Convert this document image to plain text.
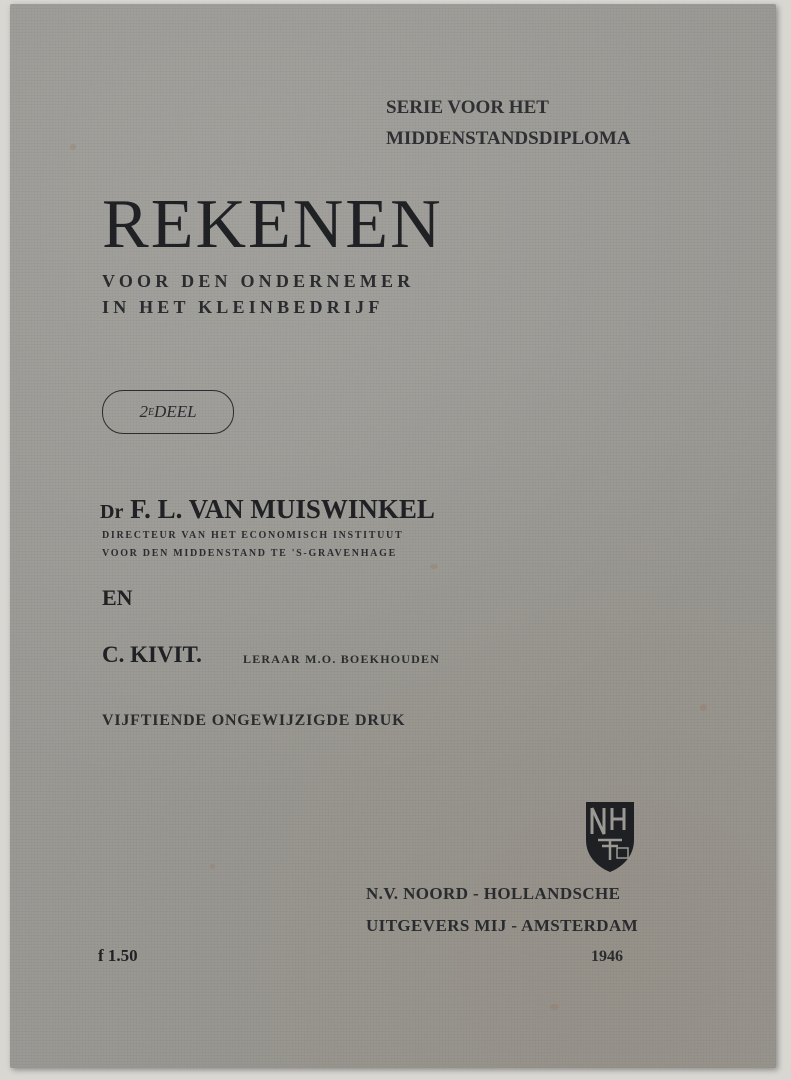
SERIE VOOR HET
MIDDENSTANDSDIPLOMA
REKENEN
VOOR DEN ONDERNEMER
IN HET KLEINBEDRIJF
2 E DEEL
Dr F. L. VAN MUISWINKEL
DIRECTEUR VAN HET ECONOMISCH INSTITUUT
VOOR DEN MIDDENSTAND TE 'S-GRAVENHAGE
EN
C. KIVIT.	LERAAR M.O. BOEKHOUDEN
VIJFTIENDE ONGEWIJZIGDE DRUK
N.V. NOORD - HOLLANDSCHE
UITGEVERS MIJ - AMSTERDAM
1946
f 1.50
